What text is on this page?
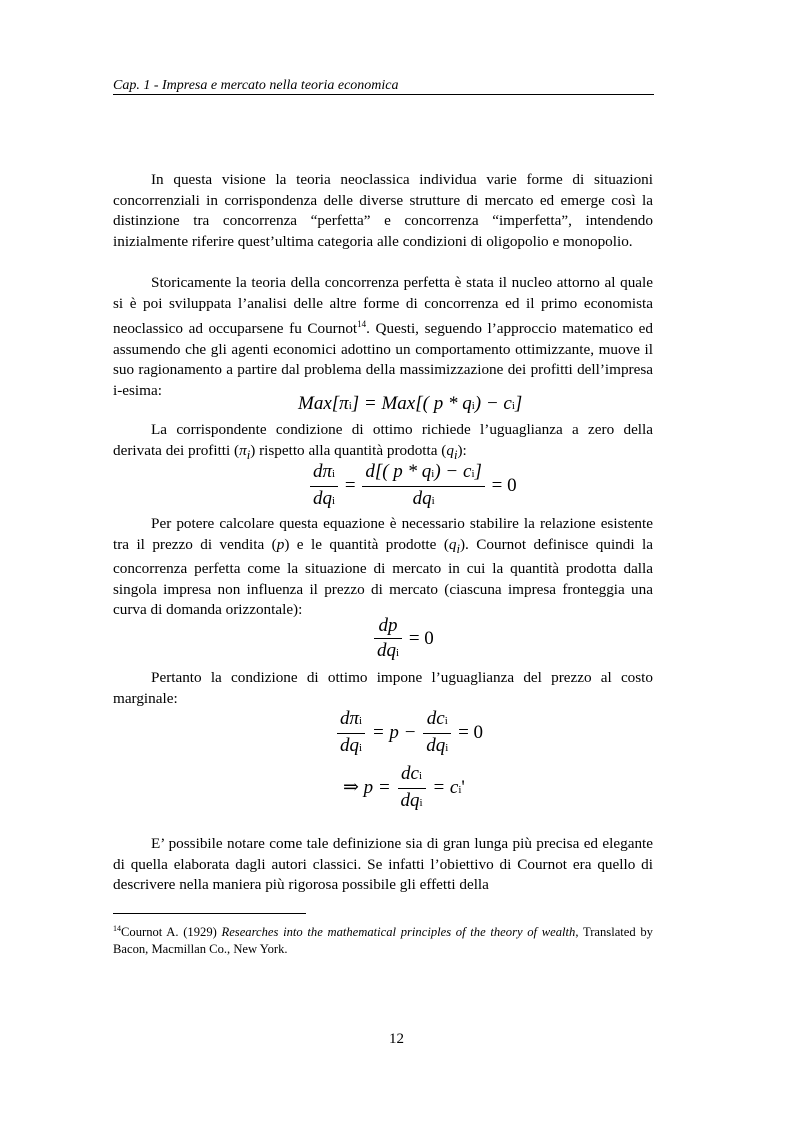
Cap. 1 - Impresa e mercato nella teoria economica
In questa visione la teoria neoclassica individua varie forme di situazioni concorrenziali in corrispondenza delle diverse strutture di mercato ed emerge così la distinzione tra concorrenza “perfetta” e concorrenza “imperfetta”, intendendo inizialmente riferire quest’ultima categoria alle condizioni di oligopolio e monopolio.
Storicamente la teoria della concorrenza perfetta è stata il nucleo attorno al quale si è poi sviluppata l’analisi delle altre forme di concorrenza ed il primo economista neoclassico ad occuparsene fu Cournot$^{14}$. Questi, seguendo l’approccio matematico ed assumendo che gli agenti economici adottino un comportamento ottimizzante, muove il suo ragionamento a partire dal problema della massimizzazione dei profitti dell’impresa i-esima:
Max[πi] = Max[( p * qi) − ci]
La corrispondente condizione di ottimo richiede l’uguaglianza a zero della derivata dei profitti $(\pi_i)$ rispetto alla quantità prodotta $(q_i)$:
$\frac{\text{dπi}}{\text{dqi}} = \frac{d[( p * qi) - ci]}{\text{dqi}} = 0$
Per potere calcolare questa equazione è necessario stabilire la relazione esistente tra il prezzo di vendita (p) e le quantità prodotte $(q_i)$. Cournot definisce quindi la concorrenza perfetta come la situazione di mercato in cui la quantità prodotta dalla singola impresa non influenza il prezzo di mercato (ciascuna impresa fronteggia una curva di domanda orizzontale):
$\frac{dp}{\text{dqi}} = 0$
Pertanto la condizione di ottimo impone l’uguaglianza del prezzo al costo marginale:
$\frac{\text{dπi}}{\text{dqi}} = p - \frac{\text{dci}}{\text{dqi}} = 0$
⇒ $p = \frac{\text{dci}}{\text{dqi}} = ci'$
E’ possibile notare come tale definizione sia di gran lunga più precisa ed elegante di quella elaborata dagli autori classici. Se infatti l’obiettivo di Cournot era quello di descrivere nella maniera più rigorosa possibile gli effetti della
$^{14}$Cournot A. (1929) Researches into the mathematical principles of the theory of wealth, Translated by Bacon, Macmillan Co., New York.
12
